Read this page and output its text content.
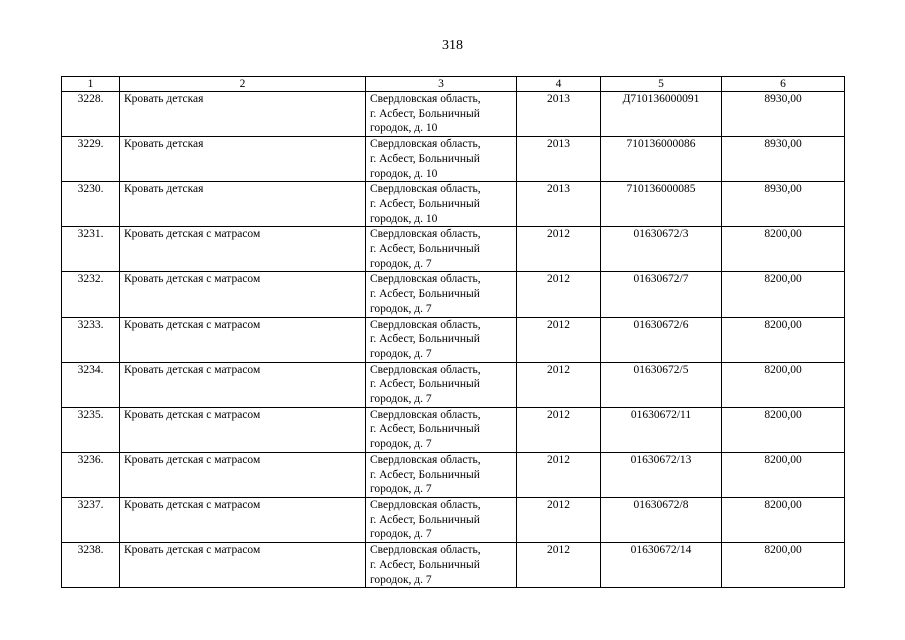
318
1	2	3	4	5	6
3228.	Кровать детская	Свердловская область,
г. Асбест, Больничный
городок, д. 10	2013	Д710136000091	8930,00
3229.	Кровать детская	Свердловская область,
г. Асбест, Больничный
городок, д. 10	2013	710136000086	8930,00
3230.	Кровать детская	Свердловская область,
г. Асбест, Больничный
городок, д. 10	2013	710136000085	8930,00
3231.	Кровать детская с матрасом	Свердловская область,
г. Асбест, Больничный
городок, д. 7	2012	01630672/3	8200,00
3232.	Кровать детская с матрасом	Свердловская область,
г. Асбест, Больничный
городок, д. 7	2012	01630672/7	8200,00
3233.	Кровать детская с матрасом	Свердловская область,
г. Асбест, Больничный
городок, д. 7	2012	01630672/6	8200,00
3234.	Кровать детская с матрасом	Свердловская область,
г. Асбест, Больничный
городок, д. 7	2012	01630672/5	8200,00
3235.	Кровать детская с матрасом	Свердловская область,
г. Асбест, Больничный
городок, д. 7	2012	01630672/11	8200,00
3236.	Кровать детская с матрасом	Свердловская область,
г. Асбест, Больничный
городок, д. 7	2012	01630672/13	8200,00
3237.	Кровать детская с матрасом	Свердловская область,
г. Асбест, Больничный
городок, д. 7	2012	01630672/8	8200,00
3238.	Кровать детская с матрасом	Свердловская область,
г. Асбест, Больничный
городок, д. 7	2012	01630672/14	8200,00
